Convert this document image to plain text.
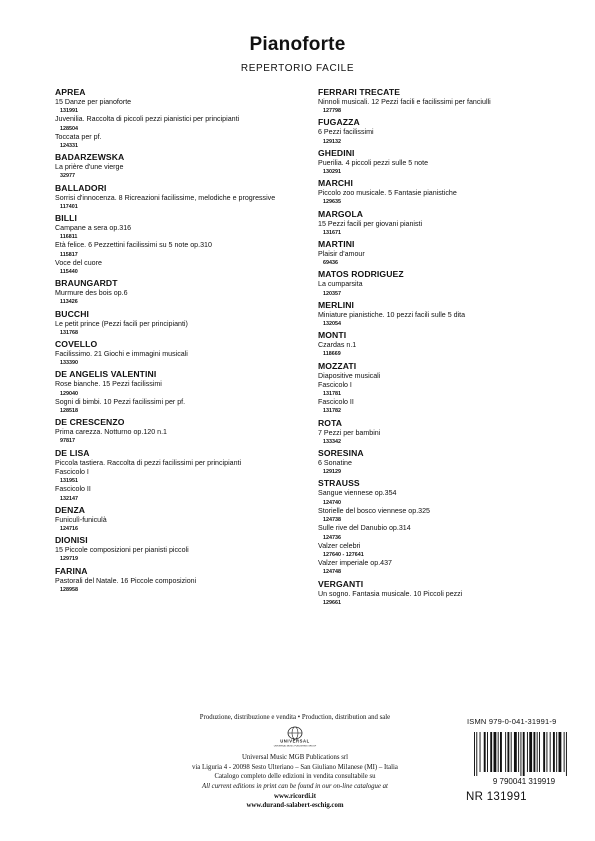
Pianoforte
REPERTORIO FACILE
APREA
15 Danze per pianoforte
131991
Juvenilia. Raccolta di piccoli pezzi pianistici per principianti
128504
Toccata per pf.
124331
BADARZEWSKA
La prière d'une vierge
32977
BALLADORI
Sorrisi d'innocenza. 8 Ricreazioni facilissime, melodiche e progressive
117401
BILLI
Campane a sera op.316
116811
Età felice. 6 Pezzettini facilissimi su 5 note op.310
115817
Voce del cuore
115440
BRAUNGARDT
Murmure des bois op.6
113426
BUCCHI
Le petit prince (Pezzi facili per principianti)
131768
COVELLO
Facilissimo. 21 Giochi e immagini musicali
133390
DE ANGELIS VALENTINI
Rose bianche. 15 Pezzi facilissimi
129040
Sogni di bimbi. 10 Pezzi facilissimi per pf.
128518
DE CRESCENZO
Prima carezza. Notturno op.120 n.1
97817
DE LISA
Piccola tastiera. Raccolta di pezzi facilissimi per principianti
Fascicolo I
131951
Fascicolo II
132147
DENZA
Funiculì-funiculà
124716
DIONISI
15 Piccole composizioni per pianisti piccoli
129719
FARINA
Pastorali del Natale. 16 Piccole composizioni
128958
FERRARI TRECATE
Ninnoli musicali. 12 Pezzi facili e facilissimi per fanciulli
127798
FUGAZZA
6 Pezzi facilissimi
129132
GHEDINI
Puerilia. 4 piccoli pezzi sulle 5 note
130291
MARCHI
Piccolo zoo musicale. 5 Fantasie pianistiche
129635
MARGOLA
15 Pezzi facili per giovani pianisti
131671
MARTINI
Plaisir d'amour
69436
MATOS RODRIGUEZ
La cumparsita
120357
MERLINI
Miniature pianistiche. 10 pezzi facili sulle 5 dita
132054
MONTI
Czardas n.1
118669
MOZZATI
Diapositive musicali
Fascicolo I
131781
Fascicolo II
131782
ROTA
7 Pezzi per bambini
133342
SORESINA
6 Sonatine
129129
STRAUSS
Sangue viennese op.354
124740
Storielle del bosco viennese op.325
124738
Sulle rive del Danubio op.314
124736
Valzer celebri
127640 - 127641
Valzer imperiale op.437
124748
VERGANTI
Un sogno. Fantasia musicale. 10 Piccoli pezzi
129661
Produzione, distribuzione e vendita • Production, distribution and sale
UNIVERSAL
UNIVERSAL MUSIC PUBLISHING GROUP
Universal Music MGB Publications srl
via Liguria 4 - 20098 Sesto Ulteriano – San Giuliano Milanese (MI) – Italia
Catalogo completo delle edizioni in vendita consultabile su
All current editions in print can be found in our on-line catalogue at
www.ricordi.it
www.durand-salabert-eschig.com
ISMN 979-0-041-31991-9
9 790041 319919
NR 131991
